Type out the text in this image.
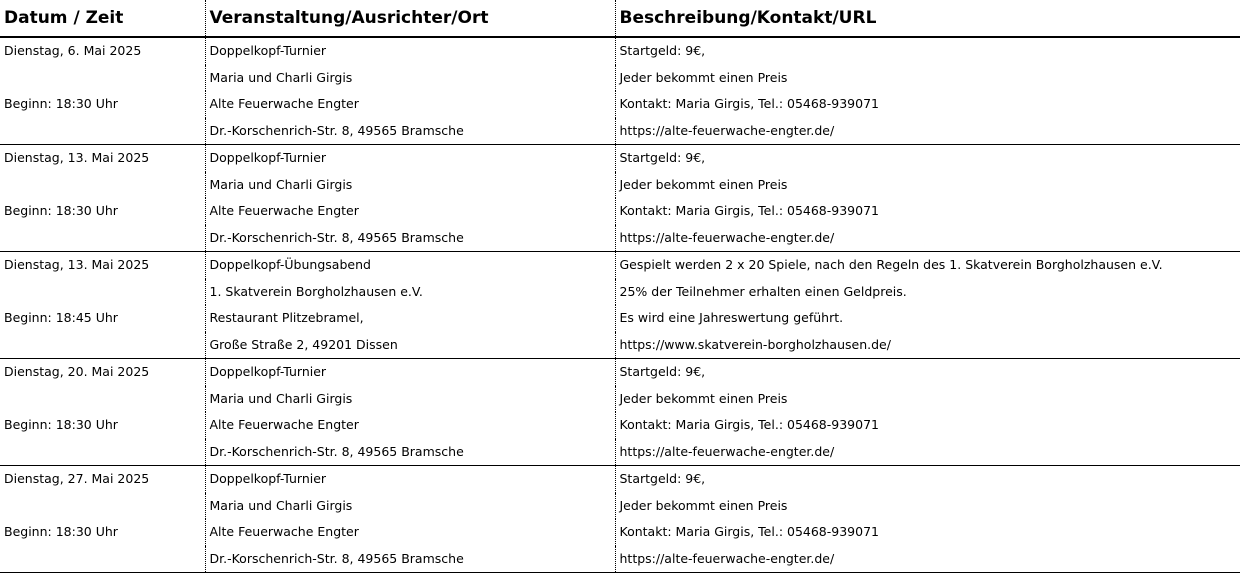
Datum / Zeit	Veranstaltung/Ausrichter/Ort	Beschreibung/Kontakt/URL
Dienstag, 6. Mai 2025	Doppelkopf-Turnier	Startgeld: 9€,
	Maria und Charli Girgis	Jeder bekommt einen Preis
Beginn: 18:30 Uhr	Alte Feuerwache Engter	Kontakt: Maria Girgis, Tel.: 05468-939071
	Dr.-Korschenrich-Str. 8, 49565 Bramsche	https://alte-feuerwache-engter.de/
Dienstag, 13. Mai 2025	Doppelkopf-Turnier	Startgeld: 9€,
	Maria und Charli Girgis	Jeder bekommt einen Preis
Beginn: 18:30 Uhr	Alte Feuerwache Engter	Kontakt: Maria Girgis, Tel.: 05468-939071
	Dr.-Korschenrich-Str. 8, 49565 Bramsche	https://alte-feuerwache-engter.de/
Dienstag, 13. Mai 2025	Doppelkopf-Übungsabend	Gespielt werden 2 x 20 Spiele, nach den Regeln des 1. Skatverein Borgholzhausen e.V.
	1. Skatverein Borgholzhausen e.V.	25% der Teilnehmer erhalten einen Geldpreis.
Beginn: 18:45 Uhr	Restaurant Plitzebramel,	Es wird eine Jahreswertung geführt.
	Große Straße 2, 49201 Dissen	https://www.skatverein-borgholzhausen.de/
Dienstag, 20. Mai 2025	Doppelkopf-Turnier	Startgeld: 9€,
	Maria und Charli Girgis	Jeder bekommt einen Preis
Beginn: 18:30 Uhr	Alte Feuerwache Engter	Kontakt: Maria Girgis, Tel.: 05468-939071
	Dr.-Korschenrich-Str. 8, 49565 Bramsche	https://alte-feuerwache-engter.de/
Dienstag, 27. Mai 2025	Doppelkopf-Turnier	Startgeld: 9€,
	Maria und Charli Girgis	Jeder bekommt einen Preis
Beginn: 18:30 Uhr	Alte Feuerwache Engter	Kontakt: Maria Girgis, Tel.: 05468-939071
	Dr.-Korschenrich-Str. 8, 49565 Bramsche	https://alte-feuerwache-engter.de/
